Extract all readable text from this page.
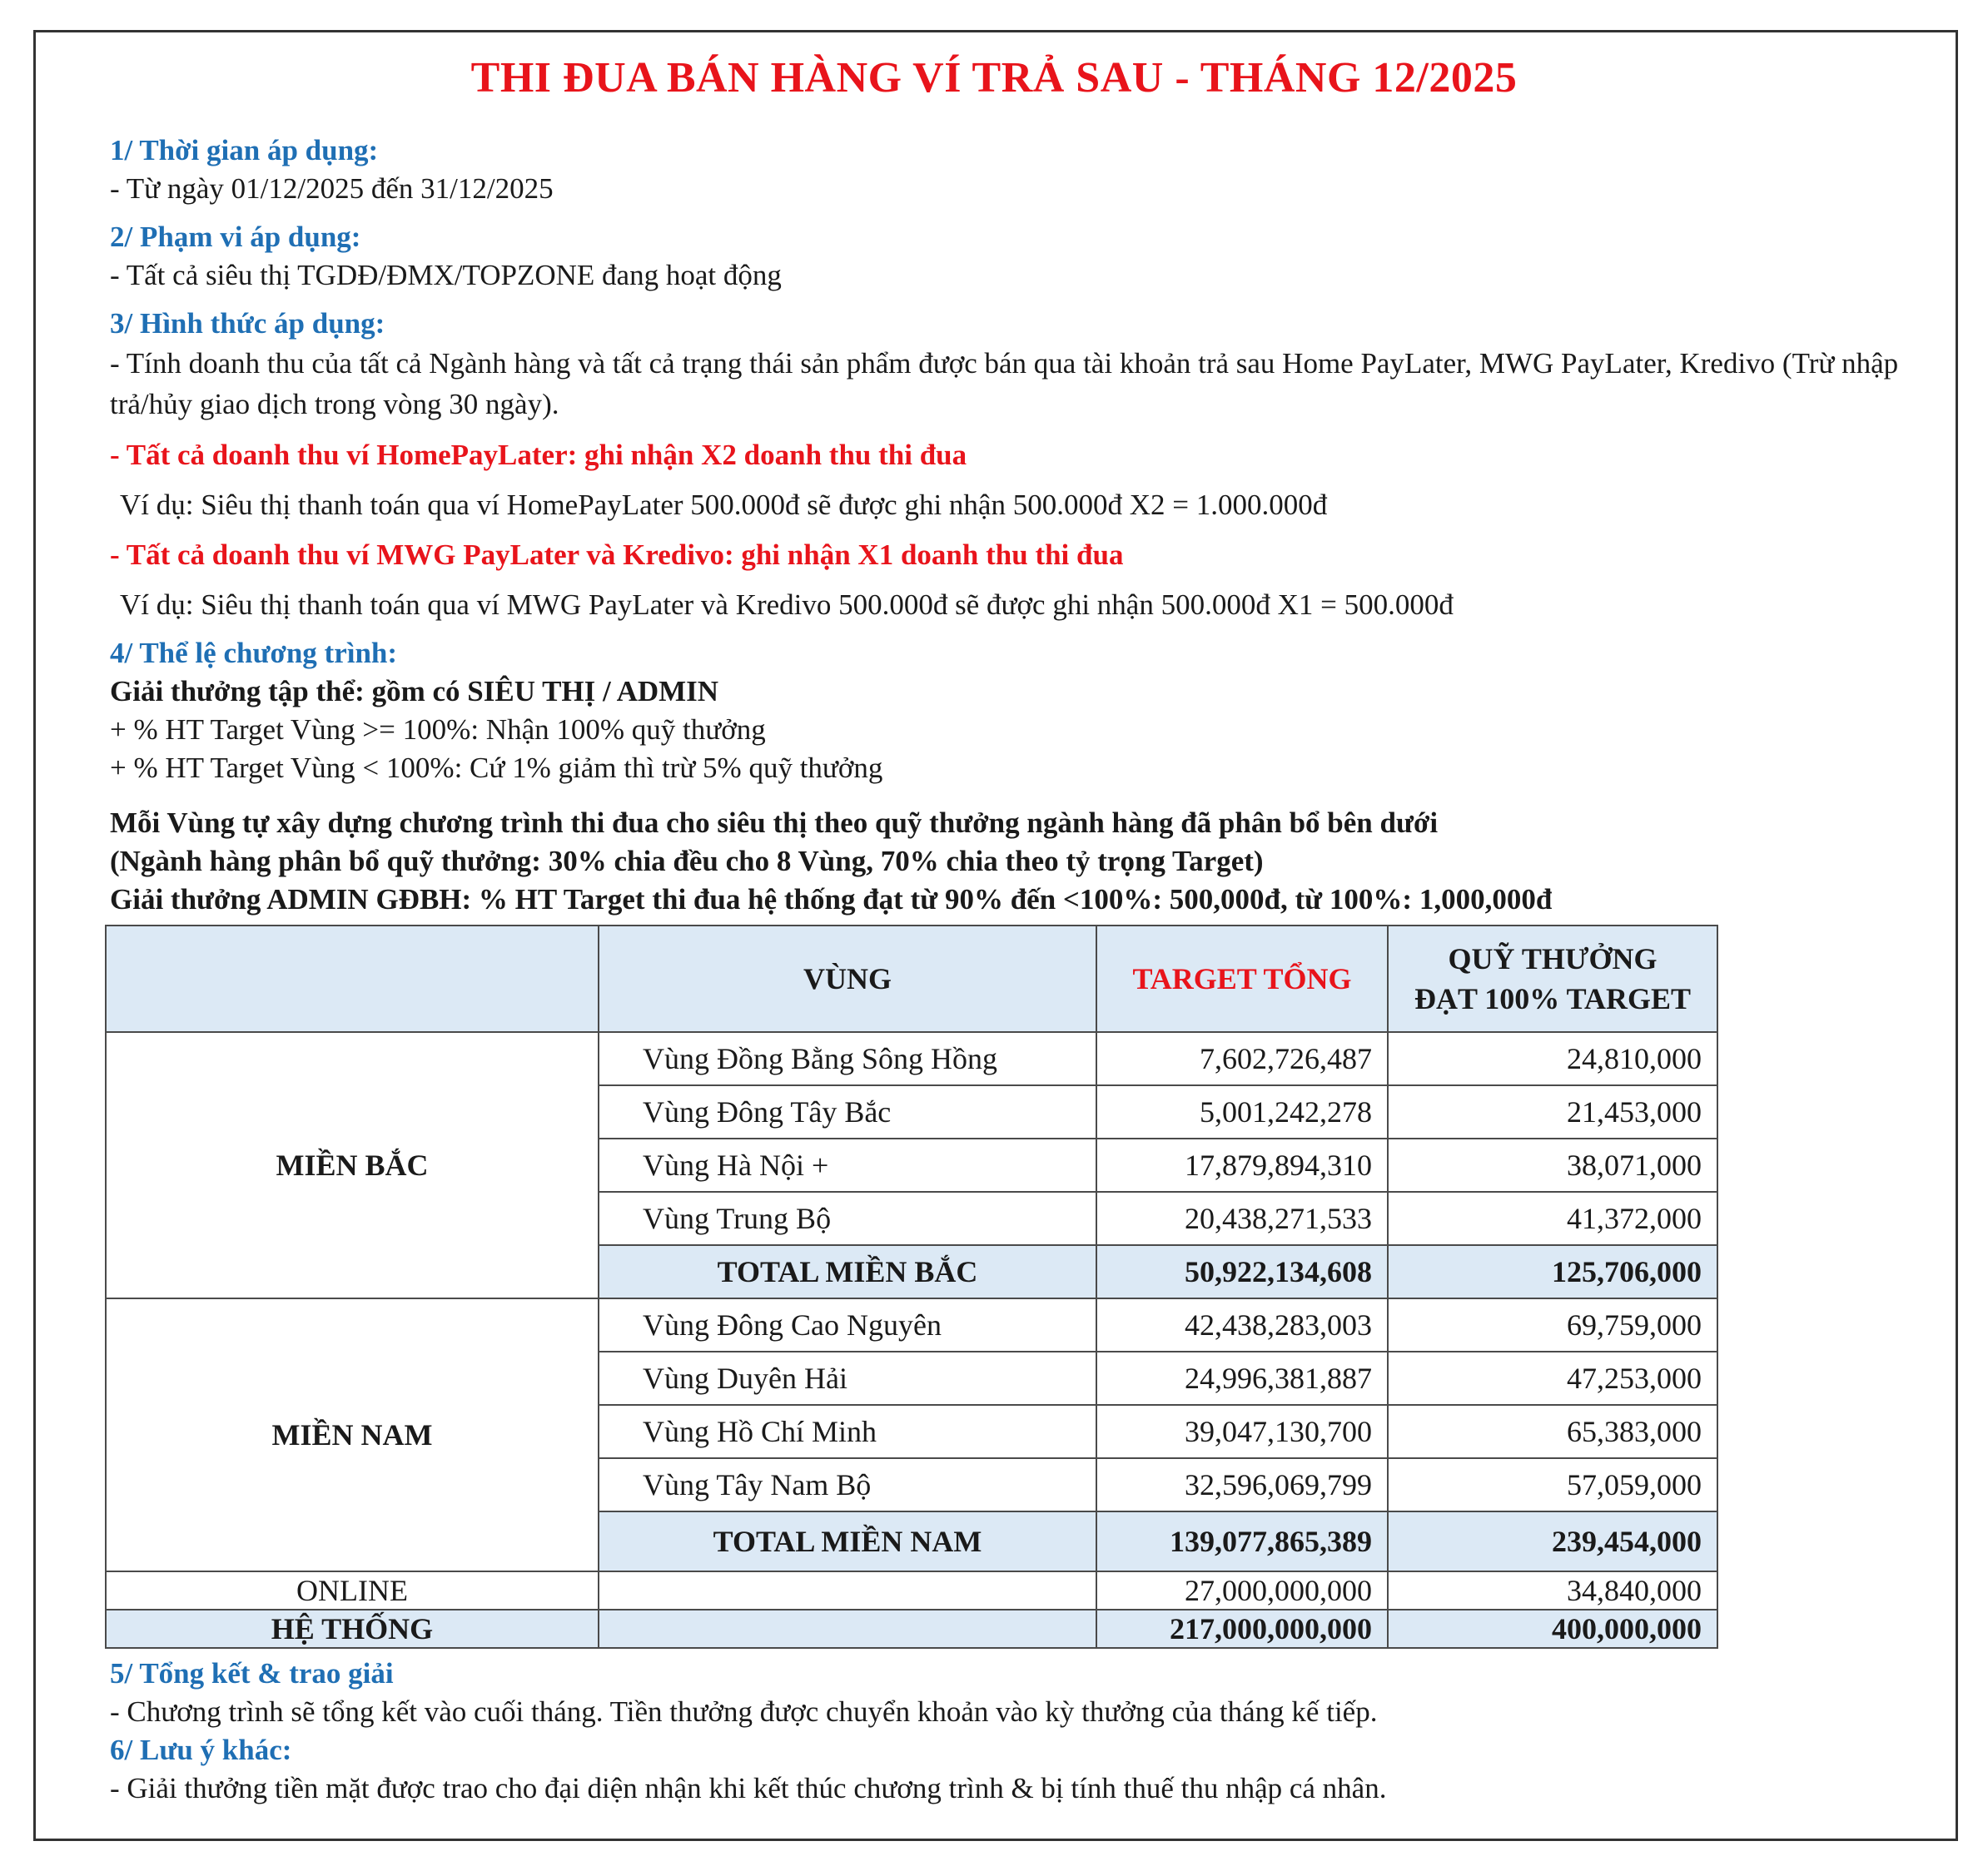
THI ĐUA BÁN HÀNG VÍ TRẢ SAU - THÁNG 12/2025

1/ Thời gian áp dụng:

- Từ ngày 01/12/2025 đến 31/12/2025

2/ Phạm vi áp dụng:

- Tất cả siêu thị TGDĐ/ĐMX/TOPZONE đang hoạt động

3/ Hình thức áp dụng:

- Tính doanh thu của tất cả Ngành hàng và tất cả trạng thái sản phẩm được bán qua tài khoản trả sau Home PayLater, MWG PayLater, Kredivo (Trừ nhập trả/hủy giao dịch trong vòng 30 ngày).

- Tất cả doanh thu ví HomePayLater: ghi nhận X2 doanh thu thi đua

Ví dụ: Siêu thị thanh toán qua ví HomePayLater 500.000đ sẽ được ghi nhận 500.000đ X2 = 1.000.000đ

- Tất cả doanh thu ví MWG PayLater và Kredivo: ghi nhận X1 doanh thu thi đua

Ví dụ: Siêu thị thanh toán qua ví MWG PayLater và Kredivo 500.000đ sẽ được ghi nhận 500.000đ X1 = 500.000đ

4/ Thể lệ chương trình:

Giải thưởng tập thể: gồm có SIÊU THỊ / ADMIN

+ % HT Target Vùng >= 100%: Nhận 100% quỹ thưởng

+ % HT Target Vùng < 100%: Cứ 1% giảm thì trừ 5% quỹ thưởng

Mỗi Vùng tự xây dựng chương trình thi đua cho siêu thị theo quỹ thưởng ngành hàng đã phân bổ bên dưới

(Ngành hàng phân bổ quỹ thưởng: 30% chia đều cho 8 Vùng, 70% chia theo tỷ trọng Target)

Giải thưởng ADMIN GĐBH: % HT Target thi đua hệ thống đạt từ 90% đến <100%: 500,000đ, từ 100%: 1,000,000đ

	VÙNG	TARGET TỔNG	QUỸ THƯỞNG
ĐẠT 100% TARGET

MIỀN BẮC	Vùng Đồng Bằng Sông Hồng	7,602,726,487	24,810,000
	Vùng Đông Tây Bắc	5,001,242,278	21,453,000
	Vùng Hà Nội +	17,879,894,310	38,071,000
	Vùng Trung Bộ	20,438,271,533	41,372,000
	TOTAL MIỀN BẮC	50,922,134,608	125,706,000
MIỀN NAM	Vùng Đông Cao Nguyên	42,438,283,003	69,759,000
	Vùng Duyên Hải	24,996,381,887	47,253,000
	Vùng Hồ Chí Minh	39,047,130,700	65,383,000
	Vùng Tây Nam Bộ	32,596,069,799	57,059,000
	TOTAL MIỀN NAM	139,077,865,389	239,454,000
ONLINE		27,000,000,000	34,840,000
HỆ THỐNG		217,000,000,000	400,000,000

5/ Tổng kết & trao giải

- Chương trình sẽ tổng kết vào cuối tháng. Tiền thưởng được chuyển khoản vào kỳ thưởng của tháng kế tiếp.

6/ Lưu ý khác:

- Giải thưởng tiền mặt được trao cho đại diện nhận khi kết thúc chương trình & bị tính thuế thu nhập cá nhân.
